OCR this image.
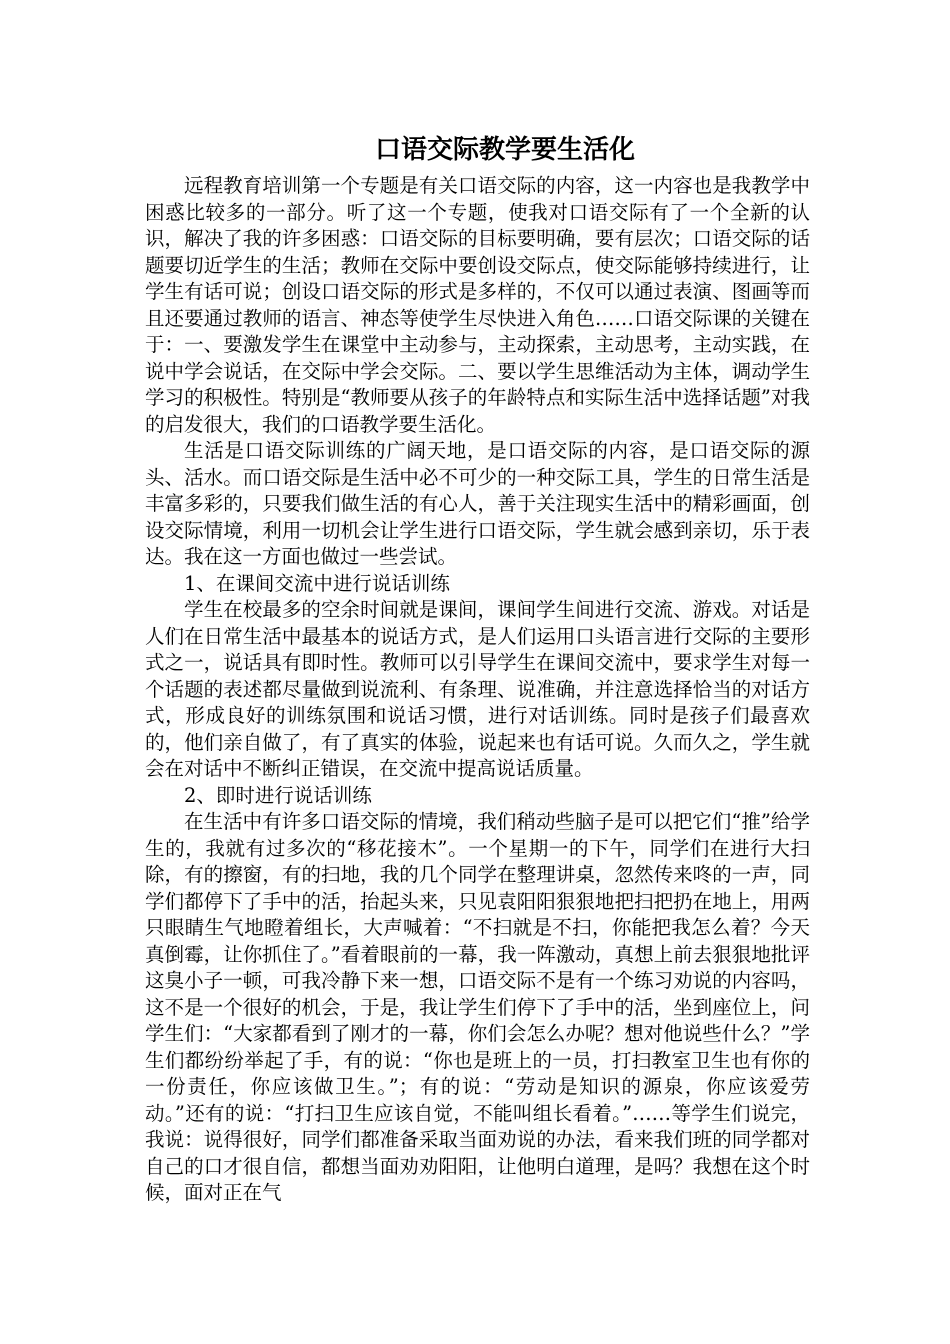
口语交际教学要生活化

远程教育培训第一个专题是有关口语交际的内容，这一内容也是我教学中困惑比较多的一部分。听了这一个专题，使我对口语交际有了一个全新的认识，解决了我的许多困惑：口语交际的目标要明确，要有层次；口语交际的话题要切近学生的生活；教师在交际中要创设交际点，使交际能够持续进行，让学生有话可说；创设口语交际的形式是多样的，不仅可以通过表演、图画等而且还要通过教师的语言、神态等使学生尽快进入角色……口语交际课的关键在于：一、要激发学生在课堂中主动参与，主动探索，主动思考，主动实践，在说中学会说话，在交际中学会交际。二、要以学生思维活动为主体，调动学生学习的积极性。特别是“教师要从孩子的年龄特点和实际生活中选择话题”对我的启发很大，我们的口语教学要生活化。

生活是口语交际训练的广阔天地，是口语交际的内容，是口语交际的源头、活水。而口语交际是生活中必不可少的一种交际工具，学生的日常生活是丰富多彩的，只要我们做生活的有心人，善于关注现实生活中的精彩画面，创设交际情境，利用一切机会让学生进行口语交际，学生就会感到亲切，乐于表达。我在这一方面也做过一些尝试。

1、在课间交流中进行说话训练

学生在校最多的空余时间就是课间，课间学生间进行交流、游戏。对话是人们在日常生活中最基本的说话方式，是人们运用口头语言进行交际的主要形式之一，说话具有即时性。教师可以引导学生在课间交流中，要求学生对每一个话题的表述都尽量做到说流利、有条理、说准确，并注意选择恰当的对话方式，形成良好的训练氛围和说话习惯，进行对话训练。同时是孩子们最喜欢的，他们亲自做了，有了真实的体验，说起来也有话可说。久而久之，学生就会在对话中不断纠正错误，在交流中提高说话质量。

2、即时进行说话训练

在生活中有许多口语交际的情境，我们稍动些脑子是可以把它们“推”给学生的，我就有过多次的“移花接木”。一个星期一的下午，同学们在进行大扫除，有的擦窗，有的扫地，我的几个同学在整理讲桌，忽然传来咚的一声，同学们都停下了手中的活，抬起头来，只见袁阳阳狠狠地把扫把扔在地上，用两只眼睛生气地瞪着组长，大声喊着：“不扫就是不扫，你能把我怎么着？今天真倒霉，让你抓住了。”看着眼前的一幕，我一阵激动，真想上前去狠狠地批评这臭小子一顿，可我冷静下来一想，口语交际不是有一个练习劝说的内容吗，这不是一个很好的机会，于是，我让学生们停下了手中的活，坐到座位上，问学生们：“大家都看到了刚才的一幕，你们会怎么办呢？想对他说些什么？”学生们都纷纷举起了手，有的说：“你也是班上的一员，打扫教室卫生也有你的一份责任，你应该做卫生。”；有的说：“劳动是知识的源泉，你应该爱劳动。”还有的说：“打扫卫生应该自觉，不能叫组长看着。”……等学生们说完，我说：说得很好，同学们都准备采取当面劝说的办法，看来我们班的同学都对自己的口才很自信，都想当面劝劝阳阳，让他明白道理，是吗？我想在这个时候，面对正在气
